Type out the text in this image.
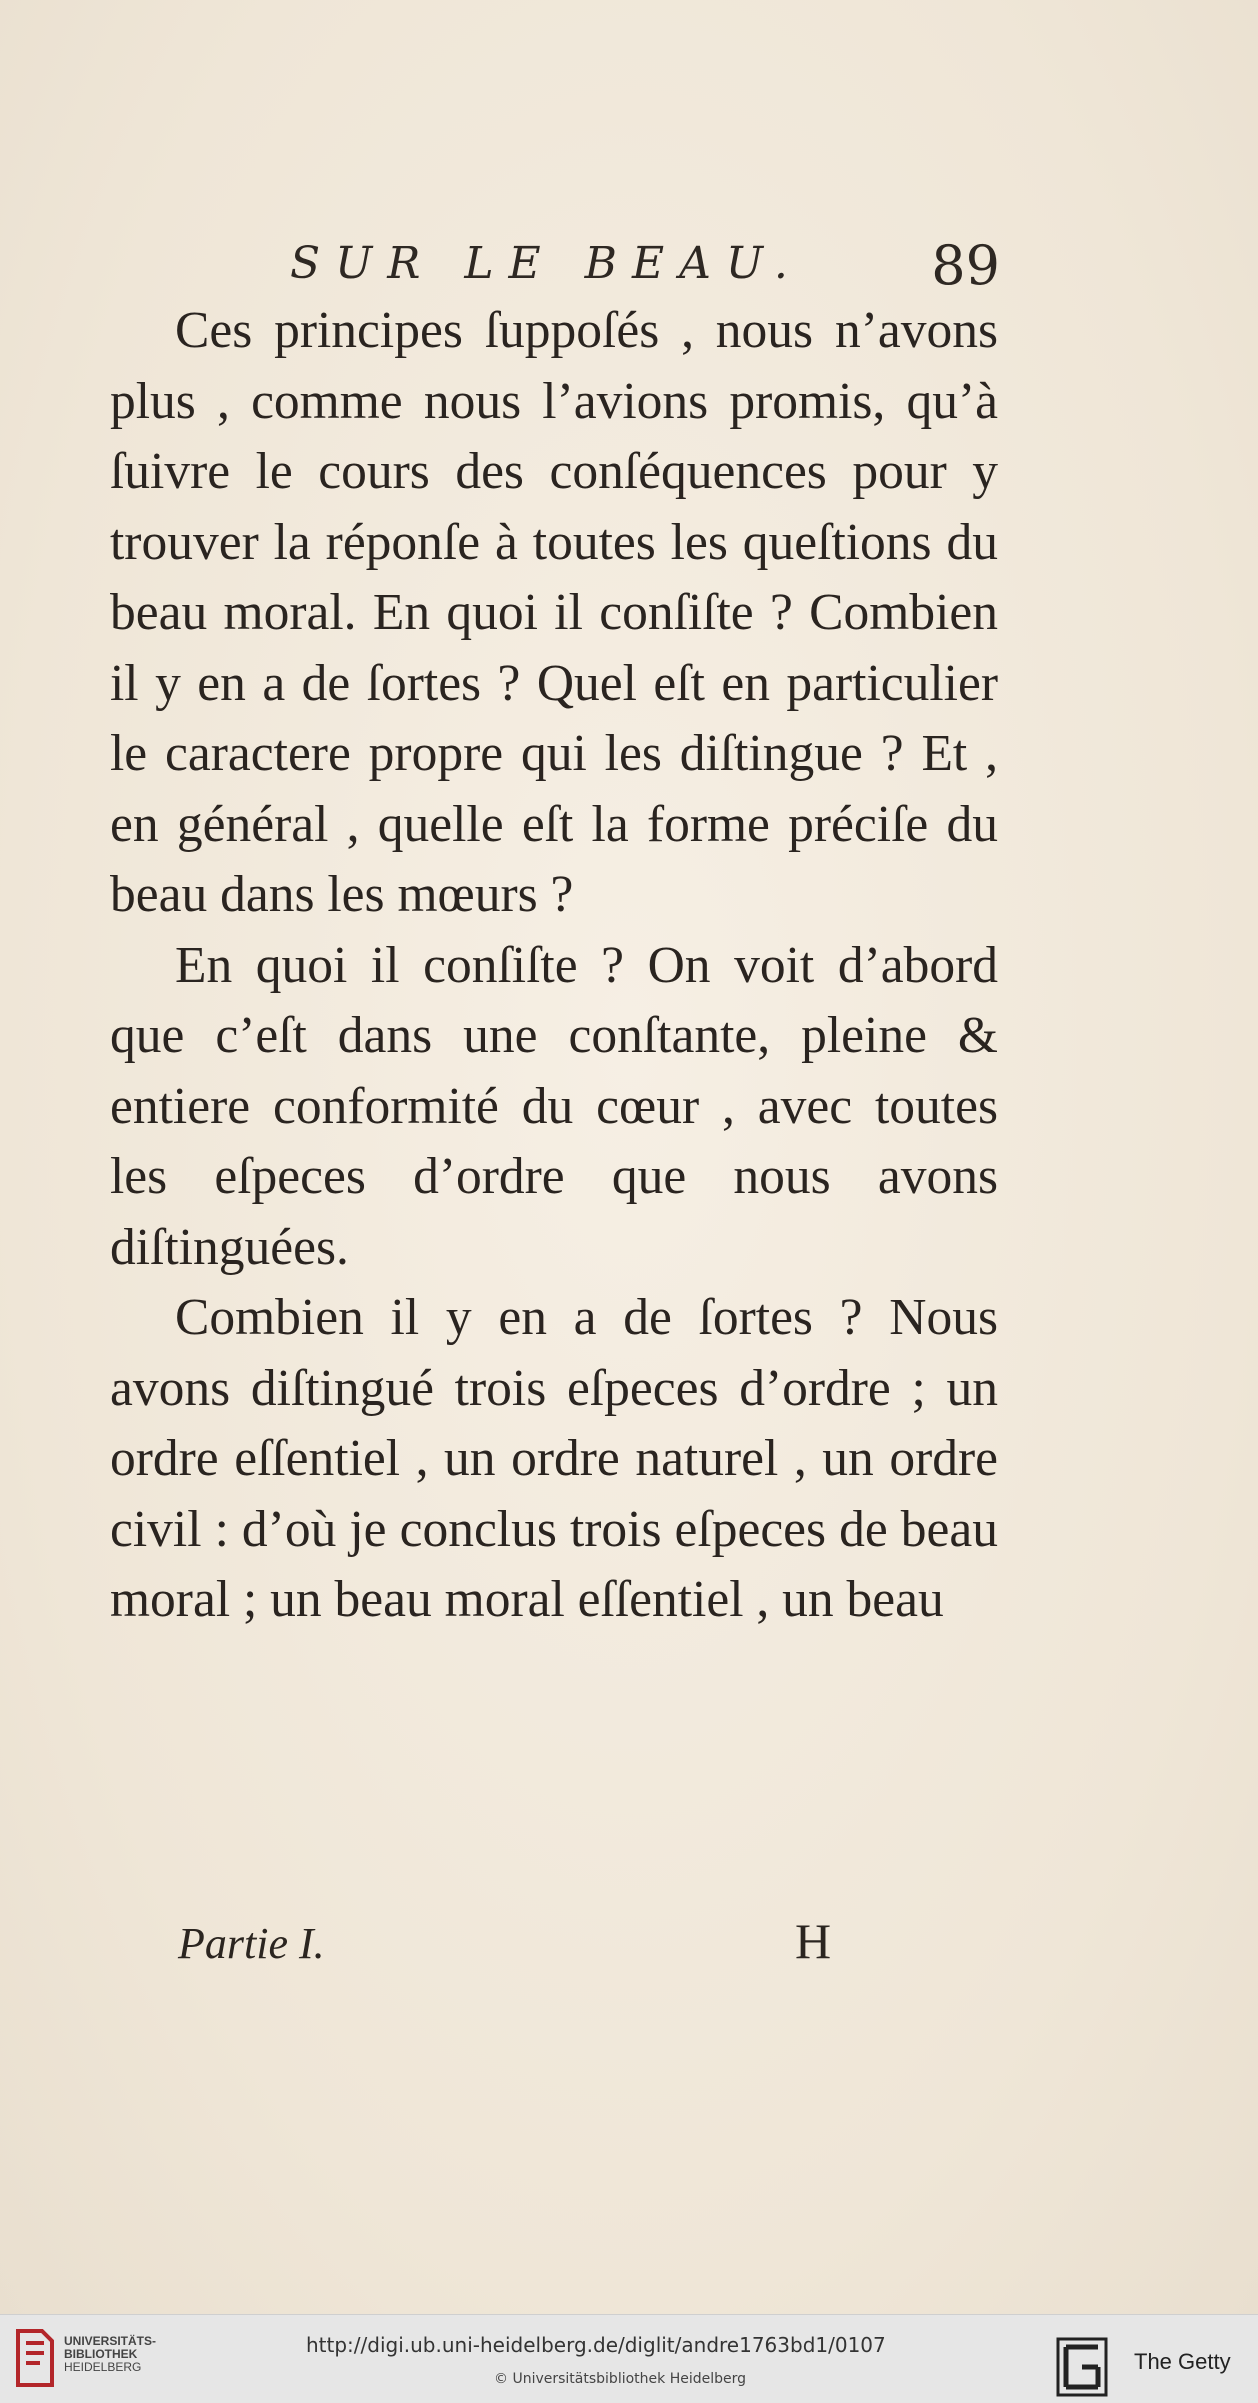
SUR LE BEAU. 89

Ces principes ſuppoſés , nous n’avons plus , comme nous l’avions promis, qu’à ſuivre le cours des conſéquences pour y trouver la réponſe à toutes les queſtions du beau moral. En quoi il conſiſte ? Combien il y en a de ſortes ? Quel eſt en particulier le caractere propre qui les diſtingue ? Et , en général , quelle eſt la forme préciſe du beau dans les mœurs ?

En quoi il conſiſte ? On voit d’abord que c’eſt dans une conſtante, pleine & entiere conformité du cœur , avec toutes les eſpeces d’ordre que nous avons diſtinguées.

Combien il y en a de ſortes ? Nous avons diſtingué trois eſpeces d’ordre ; un ordre eſſentiel , un ordre naturel , un ordre civil : d’où je conclus trois eſpeces de beau moral ; un beau moral eſſentiel , un beau

Partie I.	H
UNIVERSITÄTS-
BIBLIOTHEK
HEIDELBERG
http://digi.ub.uni-heidelberg.de/diglit/andre1763bd1/0107
© Universitätsbibliothek Heidelberg
The Getty
